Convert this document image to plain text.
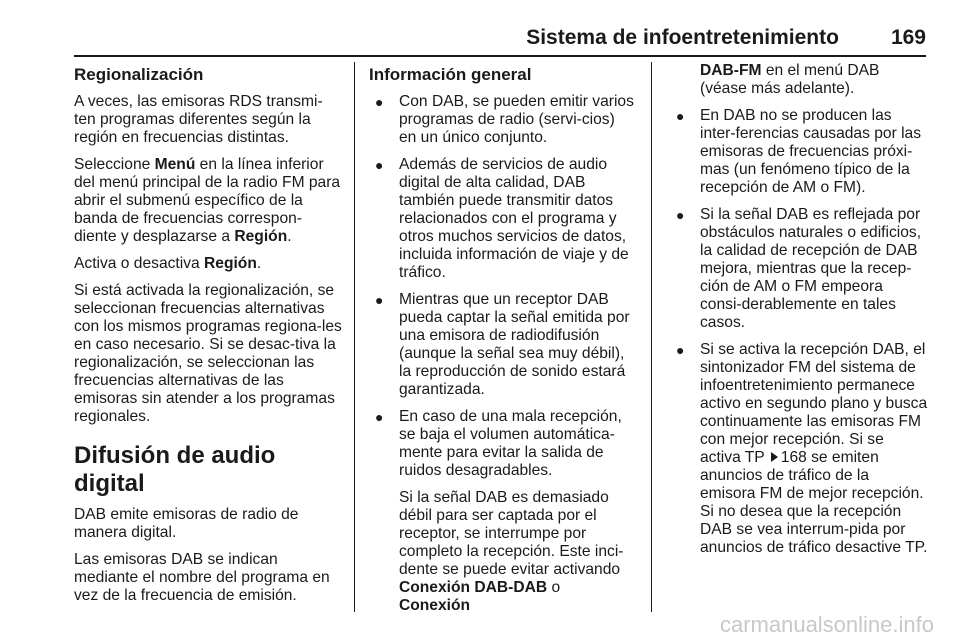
Sistema de infoentretenimiento 169
Regionalización

A veces, las emisoras RDS transmi-ten programas diferentes según la región en frecuencias distintas.

Seleccione Menú en la línea inferior del menú principal de la radio FM para abrir el submenú específico de la banda de frecuencias correspon-diente y desplazarse a Región.

Activa o desactiva Región.

Si está activada la regionalización, se seleccionan frecuencias alternativas con los mismos programas regiona-les en caso necesario. Si se desac-tiva la regionalización, se seleccionan las frecuencias alternativas de las emisoras sin atender a los programas regionales.

Difusión de audio digital

DAB emite emisoras de radio de manera digital.

Las emisoras DAB se indican mediante el nombre del programa en vez de la frecuencia de emisión.

Información general
● Con DAB, se pueden emitir varios programas de radio (servi-cios) en un único conjunto.
● Además de servicios de audio digital de alta calidad, DAB también puede transmitir datos relacionados con el programa y otros muchos servicios de datos, incluida información de viaje y de tráfico.
● Mientras que un receptor DAB pueda captar la señal emitida por una emisora de radiodifusión (aunque la señal sea muy débil), la reproducción de sonido estará garantizada.
● En caso de una mala recepción, se baja el volumen automática-mente para evitar la salida de ruidos desagradables.

Si la señal DAB es demasiado débil para ser captada por el receptor, se interrumpe por completo la recepción. Este inci-dente se puede evitar activando Conexión DAB-DAB o Conexión

DAB-FM en el menú DAB (véase más adelante).

● En DAB no se producen las inter-ferencias causadas por las emisoras de frecuencias próxi-mas (un fenómeno típico de la recepción de AM o FM).
● Si la señal DAB es reflejada por obstáculos naturales o edificios, la calidad de recepción de DAB mejora, mientras que la recep-ción de AM o FM empeora consi-derablemente en tales casos.
● Si se activa la recepción DAB, el sintonizador FM del sistema de infoentretenimiento permanece activo en segundo plano y busca continuamente las emisoras FM con mejor recepción. Si se activa TP 168 se emiten anuncios de tráfico de la emisora FM de mejor recepción. Si no desea que la recepción DAB se vea interrum-pida por anuncios de tráfico desactive TP.
carmanualsonline.info
